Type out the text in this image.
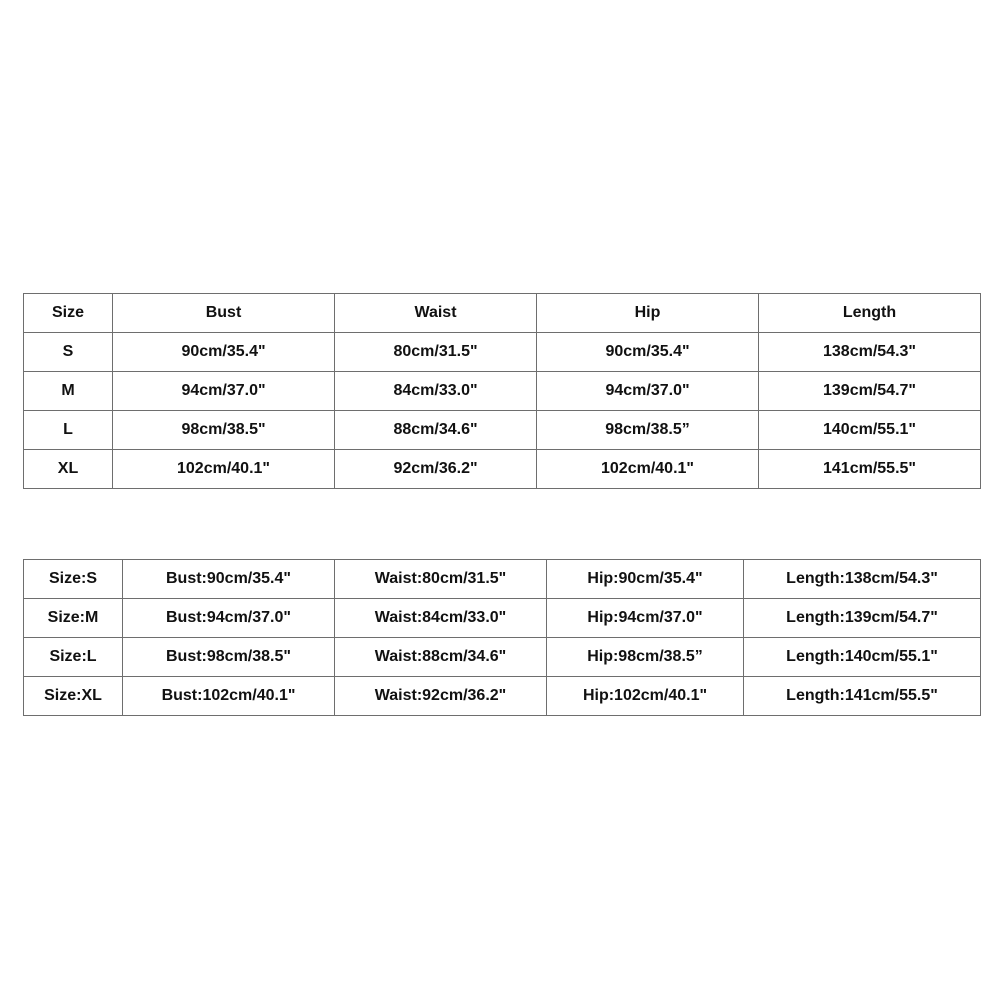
Size	Bust	Waist	Hip	Length
S	90cm/35.4"	80cm/31.5"	90cm/35.4"	138cm/54.3"
M	94cm/37.0"	84cm/33.0"	94cm/37.0"	139cm/54.7"
L	98cm/38.5"	88cm/34.6"	98cm/38.5”	140cm/55.1"
XL	102cm/40.1"	92cm/36.2"	102cm/40.1"	141cm/55.5"
Size:S	Bust:90cm/35.4"	Waist:80cm/31.5"	Hip:90cm/35.4"	Length:138cm/54.3"
Size:M	Bust:94cm/37.0"	Waist:84cm/33.0"	Hip:94cm/37.0"	Length:139cm/54.7"
Size:L	Bust:98cm/38.5"	Waist:88cm/34.6"	Hip:98cm/38.5”	Length:140cm/55.1"
Size:XL	Bust:102cm/40.1"	Waist:92cm/36.2"	Hip:102cm/40.1"	Length:141cm/55.5"
